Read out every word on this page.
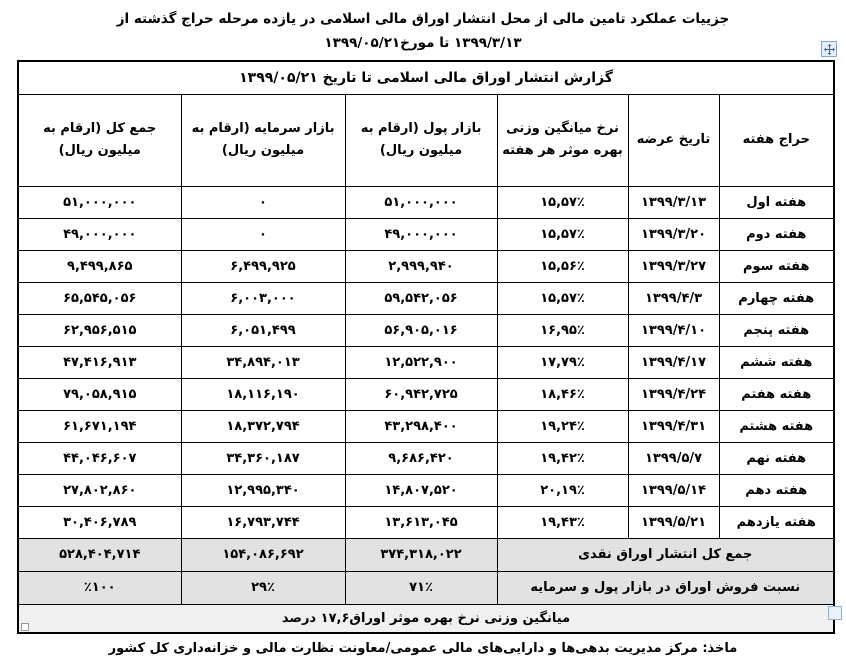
جزییات عملکرد تامین مالی از محل انتشار اوراق مالی اسلامی در یازده مرحله حراج گذشته از
۱۳۹۹/۳/۱۳ تا مورخ۱۳۹۹/۰۵/۲۱
گزارش انتشار اوراق مالی اسلامی تا تاریخ ۱۳۹۹/۰۵/۲۱					
حراج هفته	تاریخ عرضه	نرخ میانگین وزنی بهره موثر هر هفته	بازار پول (ارقام به میلیون ریال)	بازار سرمایه (ارقام به میلیون ریال)	جمع کل (ارقام به میلیون ریال)
هفته اول	۱۳۹۹/۳/۱۳	۱۵,۵۷٪	۵۱,۰۰۰,۰۰۰	۰	۵۱,۰۰۰,۰۰۰
هفته دوم	۱۳۹۹/۳/۲۰	۱۵,۵۷٪	۴۹,۰۰۰,۰۰۰	۰	۴۹,۰۰۰,۰۰۰
هفته سوم	۱۳۹۹/۳/۲۷	۱۵,۵۶٪	۲,۹۹۹,۹۴۰	۶,۴۹۹,۹۲۵	۹,۴۹۹,۸۶۵
هفته چهارم	۱۳۹۹/۴/۳	۱۵,۵۷٪	۵۹,۵۴۲,۰۵۶	۶,۰۰۳,۰۰۰	۶۵,۵۴۵,۰۵۶
هفته پنجم	۱۳۹۹/۴/۱۰	۱۶,۹۵٪	۵۶,۹۰۵,۰۱۶	۶,۰۵۱,۴۹۹	۶۲,۹۵۶,۵۱۵
هفته ششم	۱۳۹۹/۴/۱۷	۱۷,۷۹٪	۱۲,۵۲۲,۹۰۰	۳۴,۸۹۴,۰۱۳	۴۷,۴۱۶,۹۱۳
هفته هفتم	۱۳۹۹/۴/۲۴	۱۸,۴۶٪	۶۰,۹۴۲,۷۲۵	۱۸,۱۱۶,۱۹۰	۷۹,۰۵۸,۹۱۵
هفته هشتم	۱۳۹۹/۴/۳۱	۱۹,۲۴٪	۴۳,۲۹۸,۴۰۰	۱۸,۳۷۲,۷۹۴	۶۱,۶۷۱,۱۹۴
هفته نهم	۱۳۹۹/۵/۷	۱۹,۴۲٪	۹,۶۸۶,۴۲۰	۳۴,۳۶۰,۱۸۷	۴۴,۰۴۶,۶۰۷
هفته دهم	۱۳۹۹/۵/۱۴	۲۰,۱۹٪	۱۴,۸۰۷,۵۲۰	۱۲,۹۹۵,۳۴۰	۲۷,۸۰۲,۸۶۰
هفته یازدهم	۱۳۹۹/۵/۲۱	۱۹,۴۳٪	۱۳,۶۱۳,۰۴۵	۱۶,۷۹۳,۷۴۴	۳۰,۴۰۶,۷۸۹
جمع کل انتشار اوراق نقدی			۳۷۴,۳۱۸,۰۲۲	۱۵۴,۰۸۶,۶۹۲	۵۲۸,۴۰۴,۷۱۴
نسبت فروش اوراق در بازار پول و سرمایه			۷۱٪	۲۹٪	٪۱۰۰
میانگین وزنی نرخ بهره موثر اوراق۱۷,۶ درصد					
ماخذ: مرکز مدیریت بدهی‌ها و دارایی‌های مالی عمومی/معاونت نظارت مالی و خزانه‌داری کل کشور
